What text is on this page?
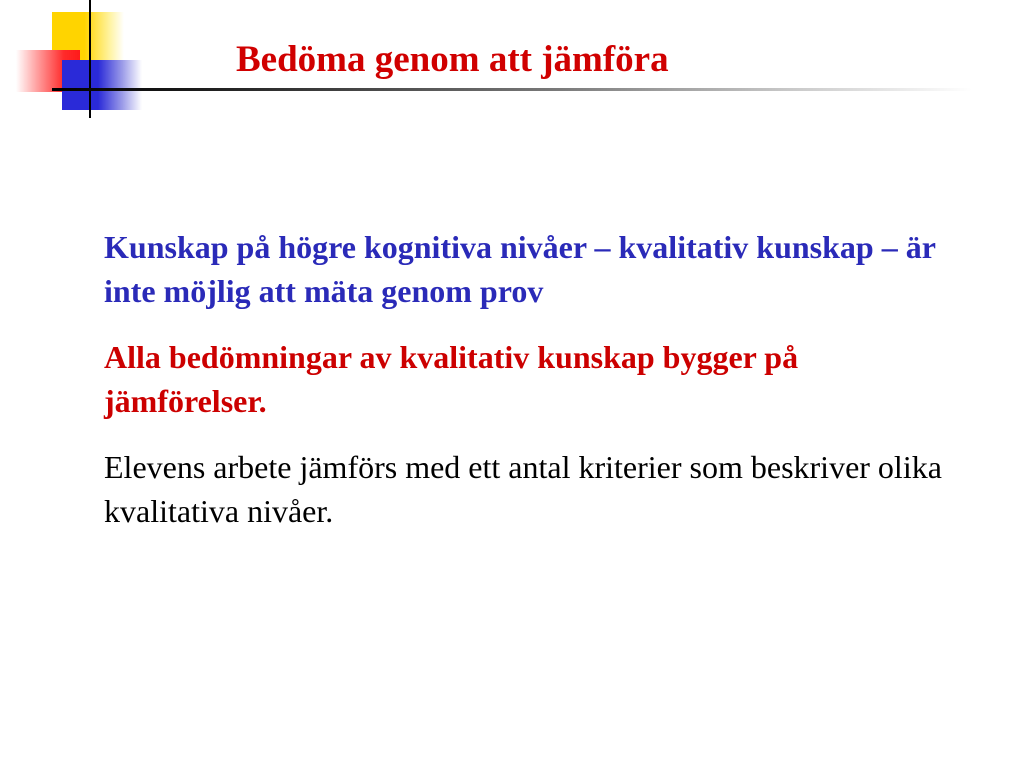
Bedöma genom att jämföra

Kunskap på högre kognitiva nivåer – kvalitativ kunskap – är inte möjlig att mäta genom prov

Alla bedömningar av kvalitativ kunskap bygger på jämförelser.

Elevens arbete jämförs med ett antal kriterier som beskriver olika kvalitativa nivåer.
